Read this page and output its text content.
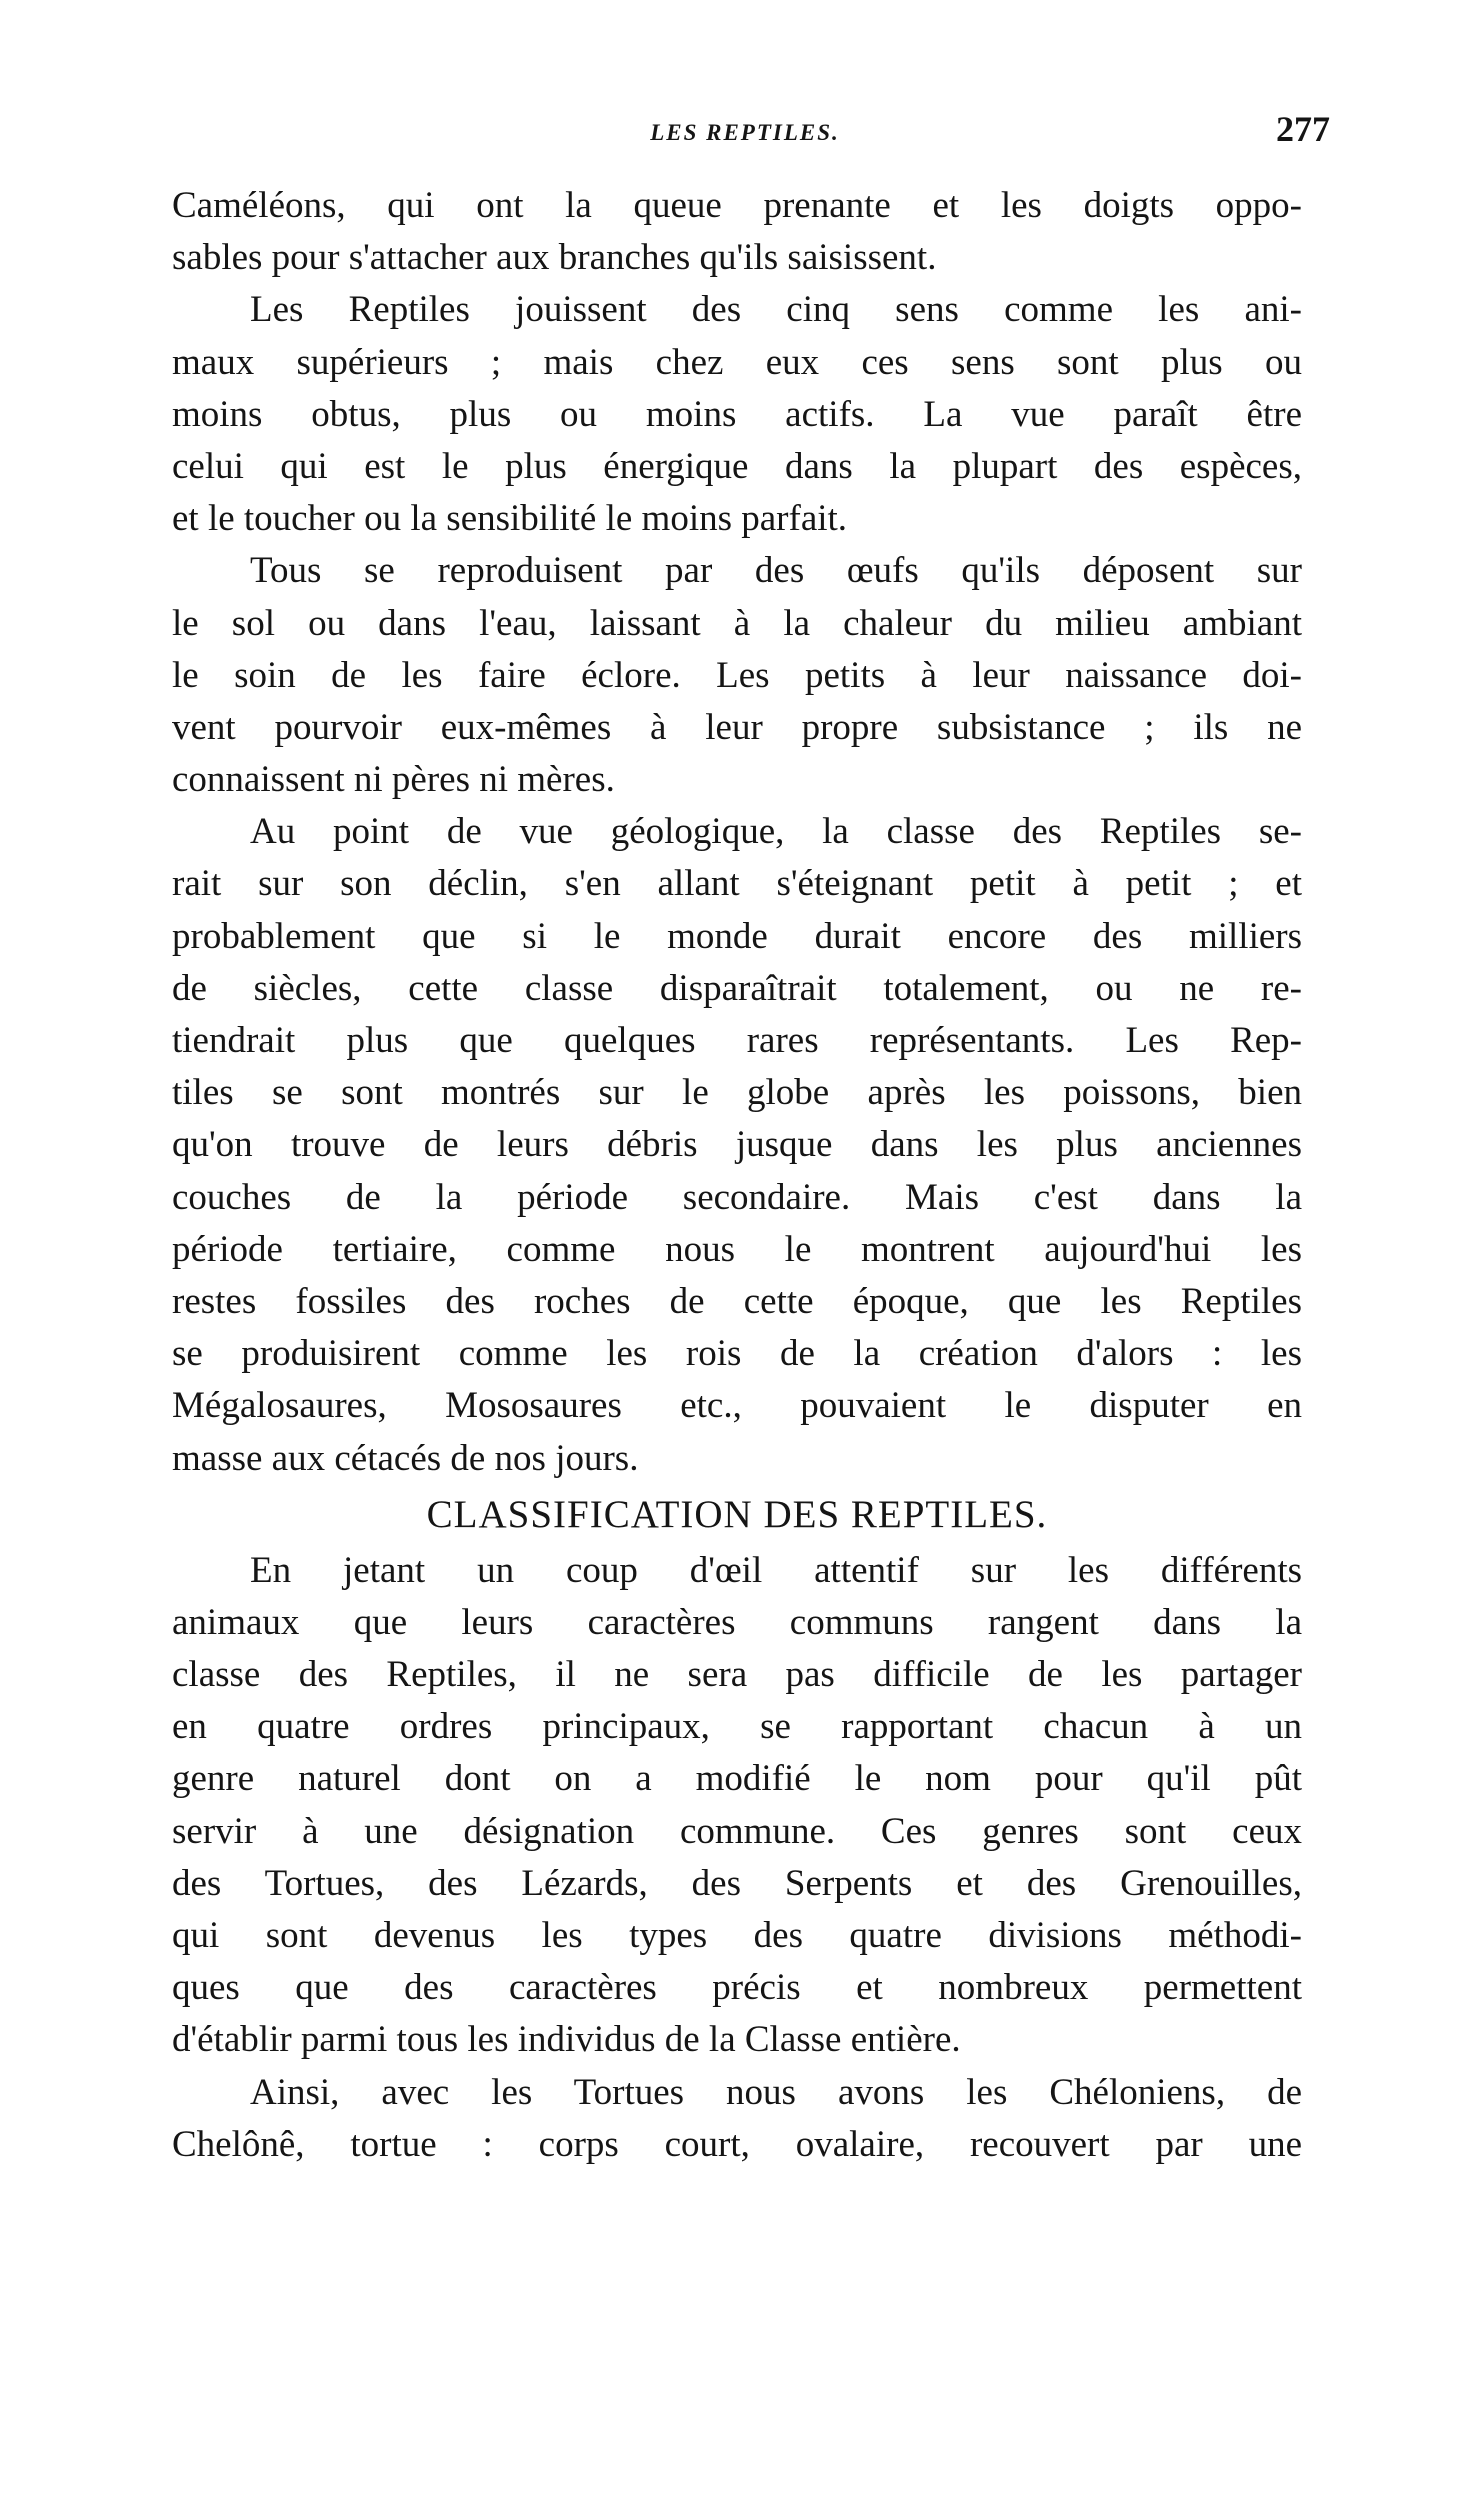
LES REPTILES.	277
Caméléons, qui ont la queue prenante et les doigts oppo-
sables pour s'attacher aux branches qu'ils saisissent.
Les Reptiles jouissent des cinq sens comme les ani-
maux supérieurs ; mais chez eux ces sens sont plus ou
moins obtus, plus ou moins actifs. La vue paraît être
celui qui est le plus énergique dans la plupart des espèces,
et le toucher ou la sensibilité le moins parfait.
Tous se reproduisent par des œufs qu'ils déposent sur
le sol ou dans l'eau, laissant à la chaleur du milieu ambiant
le soin de les faire éclore. Les petits à leur naissance doi-
vent pourvoir eux-mêmes à leur propre subsistance ; ils ne
connaissent ni pères ni mères.
Au point de vue géologique, la classe des Reptiles se-
rait sur son déclin, s'en allant s'éteignant petit à petit ; et
probablement que si le monde durait encore des milliers
de siècles, cette classe disparaîtrait totalement, ou ne re-
tiendrait plus que quelques rares représentants. Les Rep-
tiles se sont montrés sur le globe après les poissons, bien
qu'on trouve de leurs débris jusque dans les plus anciennes
couches de la période secondaire. Mais c'est dans la
période tertiaire, comme nous le montrent aujourd'hui les
restes fossiles des roches de cette époque, que les Reptiles
se produisirent comme les rois de la création d'alors : les
Mégalosaures, Mososaures etc., pouvaient le disputer en
masse aux cétacés de nos jours.
CLASSIFICATION DES REPTILES.
En jetant un coup d'œil attentif sur les différents
animaux que leurs caractères communs rangent dans la
classe des Reptiles, il ne sera pas difficile de les partager
en quatre ordres principaux, se rapportant chacun à un
genre naturel dont on a modifié le nom pour qu'il pût
servir à une désignation commune. Ces genres sont ceux
des Tortues, des Lézards, des Serpents et des Grenouilles,
qui sont devenus les types des quatre divisions méthodi-
ques que des caractères précis et nombreux permettent
d'établir parmi tous les individus de la Classe entière.
Ainsi, avec les Tortues nous avons les Chéloniens, de
Chelônê, tortue : corps court, ovalaire, recouvert par une
